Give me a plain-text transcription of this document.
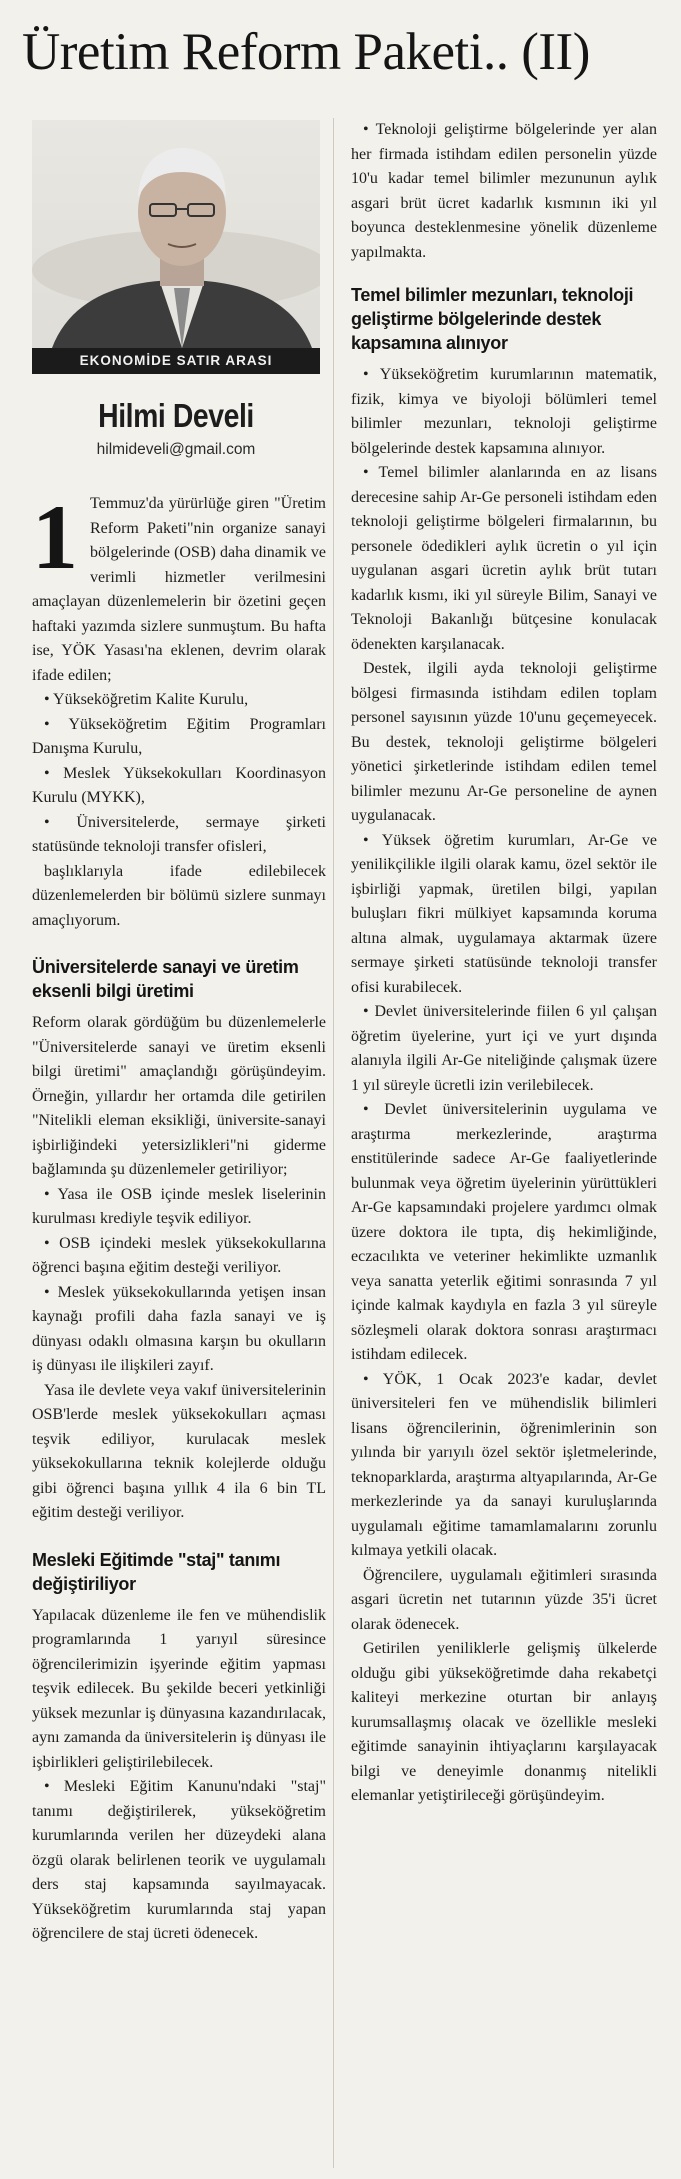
Üretim Reform Paketi.. (II)
EKONOMİDE SATIR ARASI
Hilmi Develi
hilmideveli@gmail.com
1 Temmuz'da yürürlüğe giren "Üretim Reform Paketi"nin organize sanayi bölgelerinde (OSB) daha dinamik ve verimli hizmetler verilmesini amaçlayan düzenlemelerin bir özetini geçen haftaki yazımda sizlere sunmuştum. Bu hafta ise, YÖK Yasası'na eklenen, devrim olarak ifade edilen;

• Yükseköğretim Kalite Kurulu,

• Yükseköğretim Eğitim Programları Danışma Kurulu,

• Meslek Yüksekokulları Koordinasyon Kurulu (MYKK),

• Üniversitelerde, sermaye şirketi statüsünde teknoloji transfer ofisleri,

başlıklarıyla ifade edilebilecek düzenlemelerden bir bölümü sizlere sunmayı amaçlıyorum.

Üniversitelerde sanayi ve üretim eksenli bilgi üretimi

Reform olarak gördüğüm bu düzenlemelerle "Üniversitelerde sanayi ve üretim eksenli bilgi üretimi" amaçlandığı görüşündeyim. Örneğin, yıllardır her ortamda dile getirilen "Nitelikli eleman eksikliği, üniversite-sanayi işbirliğindeki yetersizlikleri"ni giderme bağlamında şu düzenlemeler getiriliyor;

• Yasa ile OSB içinde meslek liselerinin kurulması krediyle teşvik ediliyor.

• OSB içindeki meslek yüksekokullarına öğrenci başına eğitim desteği veriliyor.

• Meslek yüksekokullarında yetişen insan kaynağı profili daha fazla sanayi ve iş dünyası odaklı olmasına karşın bu okulların iş dünyası ile ilişkileri zayıf.

Yasa ile devlete veya vakıf üniversitelerinin OSB'lerde meslek yüksekokulları açması teşvik ediliyor, kurulacak meslek yüksekokullarına teknik kolejlerde olduğu gibi öğrenci başına yıllık 4 ila 6 bin TL eğitim desteği veriliyor.

Mesleki Eğitimde "staj" tanımı değiştiriliyor

Yapılacak düzenleme ile fen ve mühendislik programlarında 1 yarıyıl süresince öğrencilerimizin işyerinde eğitim yapması teşvik edilecek. Bu şekilde beceri yetkinliği yüksek mezunlar iş dünyasına kazandırılacak, aynı zamanda da üniversitelerin iş dünyası ile işbirlikleri geliştirilebilecek.

• Mesleki Eğitim Kanunu'ndaki "staj" tanımı değiştirilerek, yükseköğretim kurumlarında verilen her düzeydeki alana özgü olarak belirlenen teorik ve uygulamalı ders staj kapsamında sayılmayacak. Yükseköğretim kurumlarında staj yapan öğrencilere de staj ücreti ödenecek.

• Teknoloji geliştirme bölgelerinde yer alan her firmada istihdam edilen personelin yüzde 10'u kadar temel bilimler mezununun aylık asgari brüt ücret kadarlık kısmının iki yıl boyunca desteklenmesine yönelik düzenleme yapılmakta.

Temel bilimler mezunları, teknoloji geliştirme bölgelerinde destek kapsamına alınıyor

• Yükseköğretim kurumlarının matematik, fizik, kimya ve biyoloji bölümleri temel bilimler mezunları, teknoloji geliştirme bölgelerinde destek kapsamına alınıyor.

• Temel bilimler alanlarında en az lisans derecesine sahip Ar-Ge personeli istihdam eden teknoloji geliştirme bölgeleri firmalarının, bu personele ödedikleri aylık ücretin o yıl için uygulanan asgari ücretin aylık brüt tutarı kadarlık kısmı, iki yıl süreyle Bilim, Sanayi ve Teknoloji Bakanlığı bütçesine konulacak ödenekten karşılanacak.

Destek, ilgili ayda teknoloji geliştirme bölgesi firmasında istihdam edilen toplam personel sayısının yüzde 10'unu geçemeyecek. Bu destek, teknoloji geliştirme bölgeleri yönetici şirketlerinde istihdam edilen temel bilimler mezunu Ar-Ge personeline de aynen uygulanacak.

• Yüksek öğretim kurumları, Ar-Ge ve yenilikçilikle ilgili olarak kamu, özel sektör ile işbirliği yapmak, üretilen bilgi, yapılan buluşları fikri mülkiyet kapsamında koruma altına almak, uygulamaya aktarmak üzere sermaye şirketi statüsünde teknoloji transfer ofisi kurabilecek.

• Devlet üniversitelerinde fiilen 6 yıl çalışan öğretim üyelerine, yurt içi ve yurt dışında alanıyla ilgili Ar-Ge niteliğinde çalışmak üzere 1 yıl süreyle ücretli izin verilebilecek.

• Devlet üniversitelerinin uygulama ve araştırma merkezlerinde, araştırma enstitülerinde sadece Ar-Ge faaliyetlerinde bulunmak veya öğretim üyelerinin yürüttükleri Ar-Ge kapsamındaki projelere yardımcı olmak üzere doktora ile tıpta, diş hekimliğinde, eczacılıkta ve veteriner hekimlikte uzmanlık veya sanatta yeterlik eğitimi sonrasında 7 yıl içinde kalmak kaydıyla en fazla 3 yıl süreyle sözleşmeli olarak doktora sonrası araştırmacı istihdam edilecek.

• YÖK, 1 Ocak 2023'e kadar, devlet üniversiteleri fen ve mühendislik bilimleri lisans öğrencilerinin, öğrenimlerinin son yılında bir yarıyılı özel sektör işletmelerinde, teknoparklarda, araştırma altyapılarında, Ar-Ge merkezlerinde ya da sanayi kuruluşlarında uygulamalı eğitime tamamlamalarını zorunlu kılmaya yetkili olacak.

Öğrencilere, uygulamalı eğitimleri sırasında asgari ücretin net tutarının yüzde 35'i ücret olarak ödenecek.

Getirilen yeniliklerle gelişmiş ülkelerde olduğu gibi yükseköğretimde daha rekabetçi kaliteyi merkezine oturtan bir anlayış kurumsallaşmış olacak ve özellikle mesleki eğitimde sanayinin ihtiyaçlarını karşılayacak bilgi ve deneyimle donanmış nitelikli elemanlar yetiştirileceği görüşündeyim.
